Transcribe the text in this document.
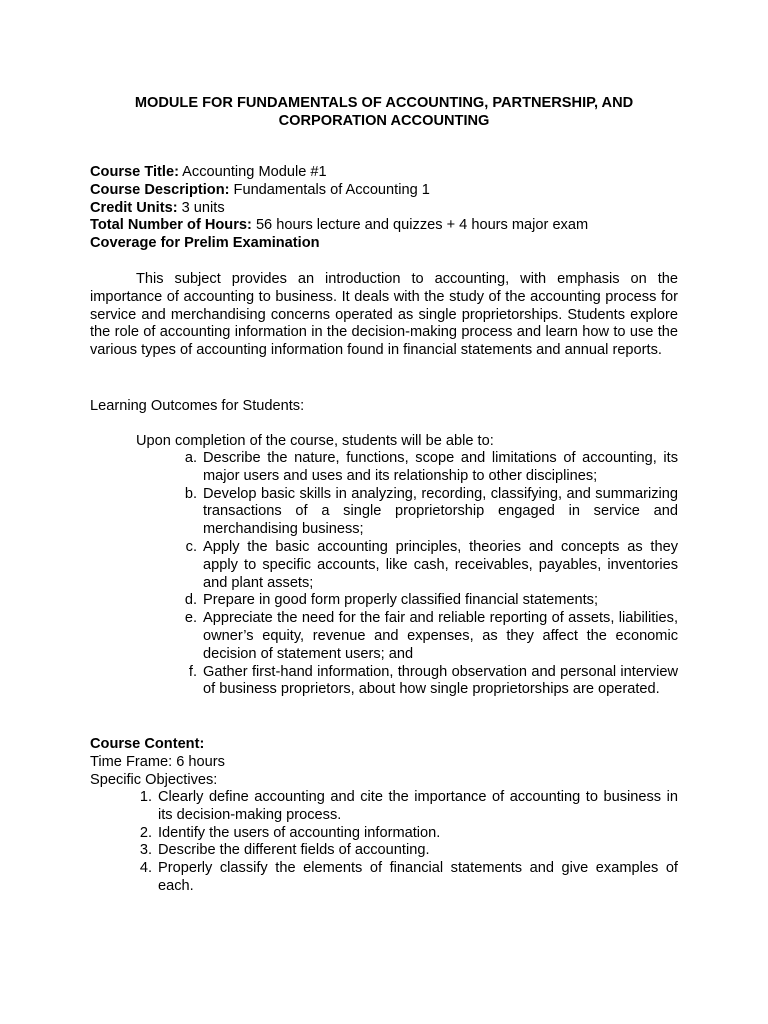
MODULE FOR FUNDAMENTALS OF ACCOUNTING, PARTNERSHIP, AND
CORPORATION ACCOUNTING
Course Title: Accounting Module #1
Course Description: Fundamentals of Accounting 1
Credit Units: 3 units
Total Number of Hours: 56 hours lecture and quizzes + 4 hours major exam
Coverage for Prelim Examination
This subject provides an introduction to accounting, with emphasis on the importance of accounting to business. It deals with the study of the accounting process for service and merchandising concerns operated as single proprietorships. Students explore the role of accounting information in the decision-making process and learn how to use the various types of accounting information found in financial statements and annual reports.
Learning Outcomes for Students:
Upon completion of the course, students will be able to:
a. Describe the nature, functions, scope and limitations of accounting, its major users and uses and its relationship to other disciplines;
b. Develop basic skills in analyzing, recording, classifying, and summarizing transactions of a single proprietorship engaged in service and merchandising business;
c. Apply the basic accounting principles, theories and concepts as they apply to specific accounts, like cash, receivables, payables, inventories and plant assets;
d. Prepare in good form properly classified financial statements;
e. Appreciate the need for the fair and reliable reporting of assets, liabilities, owner’s equity, revenue and expenses, as they affect the economic decision of statement users; and
f. Gather first-hand information, through observation and personal interview of business proprietors, about how single proprietorships are operated.
Course Content:
Time Frame: 6 hours
Specific Objectives:
1. Clearly define accounting and cite the importance of accounting to business in its decision-making process.
2. Identify the users of accounting information.
3. Describe the different fields of accounting.
4. Properly classify the elements of financial statements and give examples of each.
